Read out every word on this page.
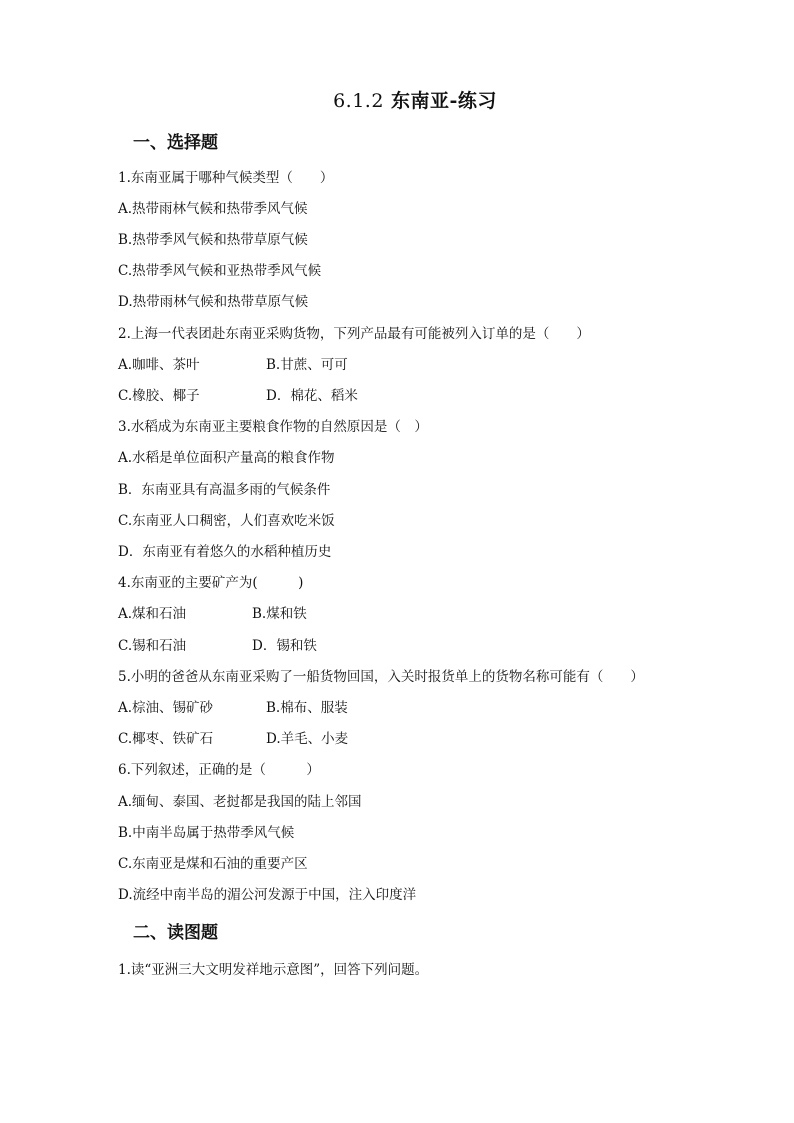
6.1.2 东南亚-练习
一、选择题
1.东南亚属于哪种气候类型（　　）
A.热带雨林气候和热带季风气候
B.热带季风气候和热带草原气候
C.热带季风气候和亚热带季风气候
D.热带雨林气候和热带草原气候
2.上海一代表团赴东南亚采购货物，下列产品最有可能被列入订单的是（　　）
A.咖啡、茶叶	B.甘蔗、可可
C.橡胶、椰子	D．棉花、稻米
3.水稻成为东南亚主要粮食作物的自然原因是（　）
A.水稻是单位面积产量高的粮食作物
B．东南亚具有高温多雨的气候条件
C.东南亚人口稠密，人们喜欢吃米饭
D．东南亚有着悠久的水稻种植历史
4.东南亚的主要矿产为(　　　)
A.煤和石油	B.煤和铁
C.锡和石油	D．锡和铁
5.小明的爸爸从东南亚采购了一船货物回国，入关时报货单上的货物名称可能有（　　）
A.棕油、锡矿砂	B.棉布、服装
C.椰枣、铁矿石	D.羊毛、小麦
6.下列叙述，正确的是（　　　）
A.缅甸、泰国、老挝都是我国的陆上邻国
B.中南半岛属于热带季风气候
C.东南亚是煤和石油的重要产区
D.流经中南半岛的湄公河发源于中国，注入印度洋
二、读图题
1.读“亚洲三大文明发祥地示意图”，回答下列问题。
